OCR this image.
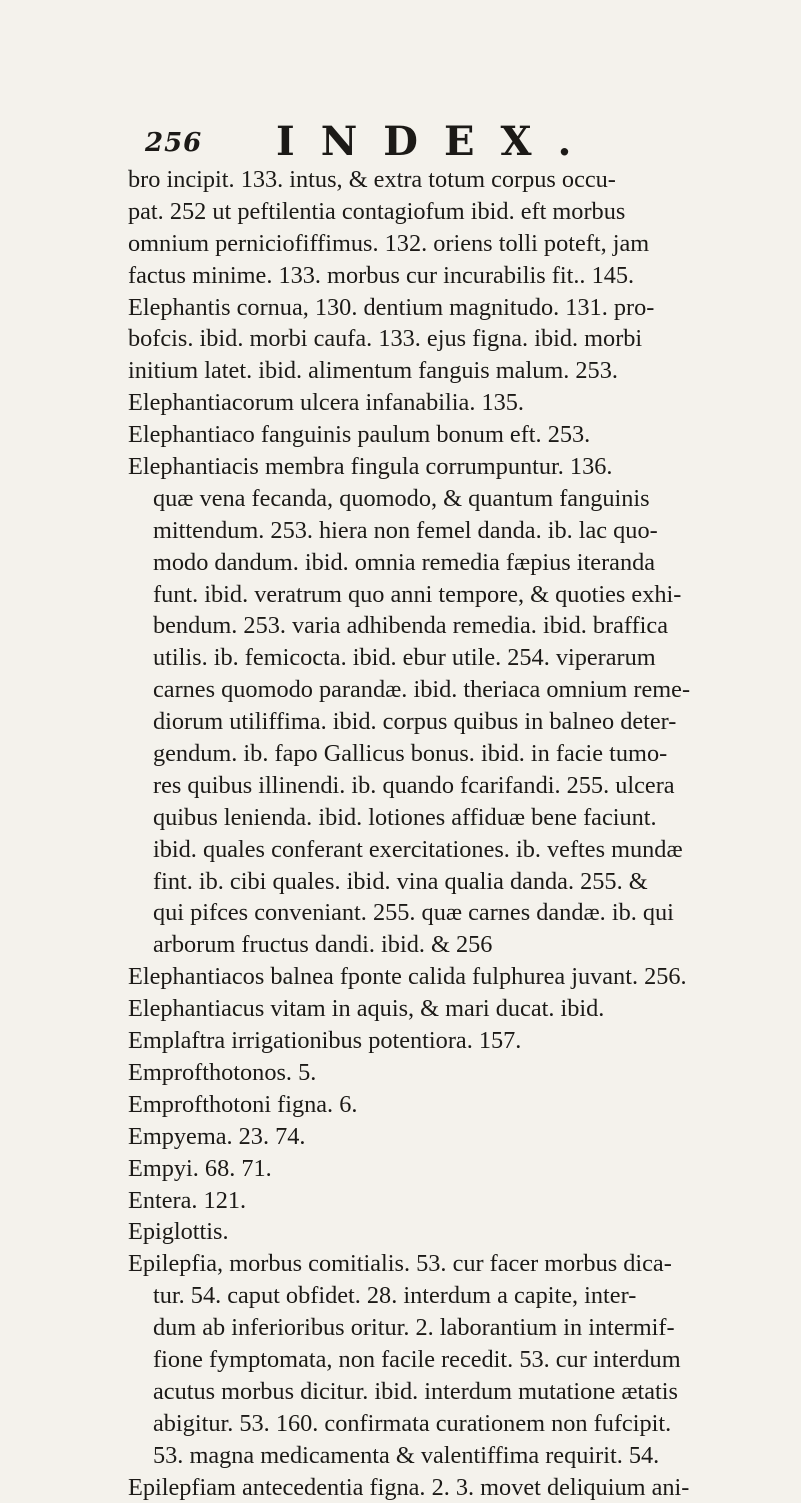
256 INDEX.
bro incipit. 133. intus, & extra totum corpus occu-
pat. 252 ut peftilentia contagiofum ibid. eft morbus
omnium perniciofiffimus. 132. oriens tolli poteft, jam
factus minime. 133. morbus cur incurabilis fit.. 145.
Elephantis cornua, 130. dentium magnitudo. 131. pro-
bofcis. ibid. morbi caufa. 133. ejus figna. ibid. morbi
initium latet. ibid. alimentum fanguis malum. 253.
Elephantiacorum ulcera infanabilia. 135.
Elephantiaco fanguinis paulum bonum eft. 253.
Elephantiacis membra fingula corrumpuntur. 136.
quæ vena fecanda, quomodo, & quantum fanguinis
mittendum. 253. hiera non femel danda. ib. lac quo-
modo dandum. ibid. omnia remedia fæpius iteranda
funt. ibid. veratrum quo anni tempore, & quoties exhi-
bendum. 253. varia adhibenda remedia. ibid. braffica
utilis. ib. femicocta. ibid. ebur utile. 254. viperarum
carnes quomodo parandæ. ibid. theriaca omnium reme-
diorum utiliffima. ibid. corpus quibus in balneo deter-
gendum. ib. fapo Gallicus bonus. ibid. in facie tumo-
res quibus illinendi. ib. quando fcarifandi. 255. ulcera
quibus lenienda. ibid. lotiones affiduæ bene faciunt.
ibid. quales conferant exercitationes. ib. veftes mundæ
fint. ib. cibi quales. ibid. vina qualia danda. 255. &
qui pifces conveniant. 255. quæ carnes dandæ. ib. qui
arborum fructus dandi. ibid. & 256
Elephantiacos balnea fponte calida fulphurea juvant. 256.
Elephantiacus vitam in aquis, & mari ducat. ibid.
Emplaftra irrigationibus potentiora. 157.
Emprofthotonos. 5.
Emprofthotoni figna. 6.
Empyema. 23. 74.
Empyi. 68. 71.
Entera. 121.
Epiglottis.
Epilepfia, morbus comitialis. 53. cur facer morbus dica-
tur. 54. caput obfidet. 28. interdum a capite, inter-
dum ab inferioribus oritur. 2. laborantium in intermif-
fione fymptomata, non facile recedit. 53. cur interdum
acutus morbus dicitur. ibid. interdum mutatione ætatis
abigitur. 53. 160. confirmata curationem non fufcipit.
53. magna medicamenta & valentiffima requirit. 54.
Epilepfiam antecedentia figna. 2. 3. movet deliquium ani-
